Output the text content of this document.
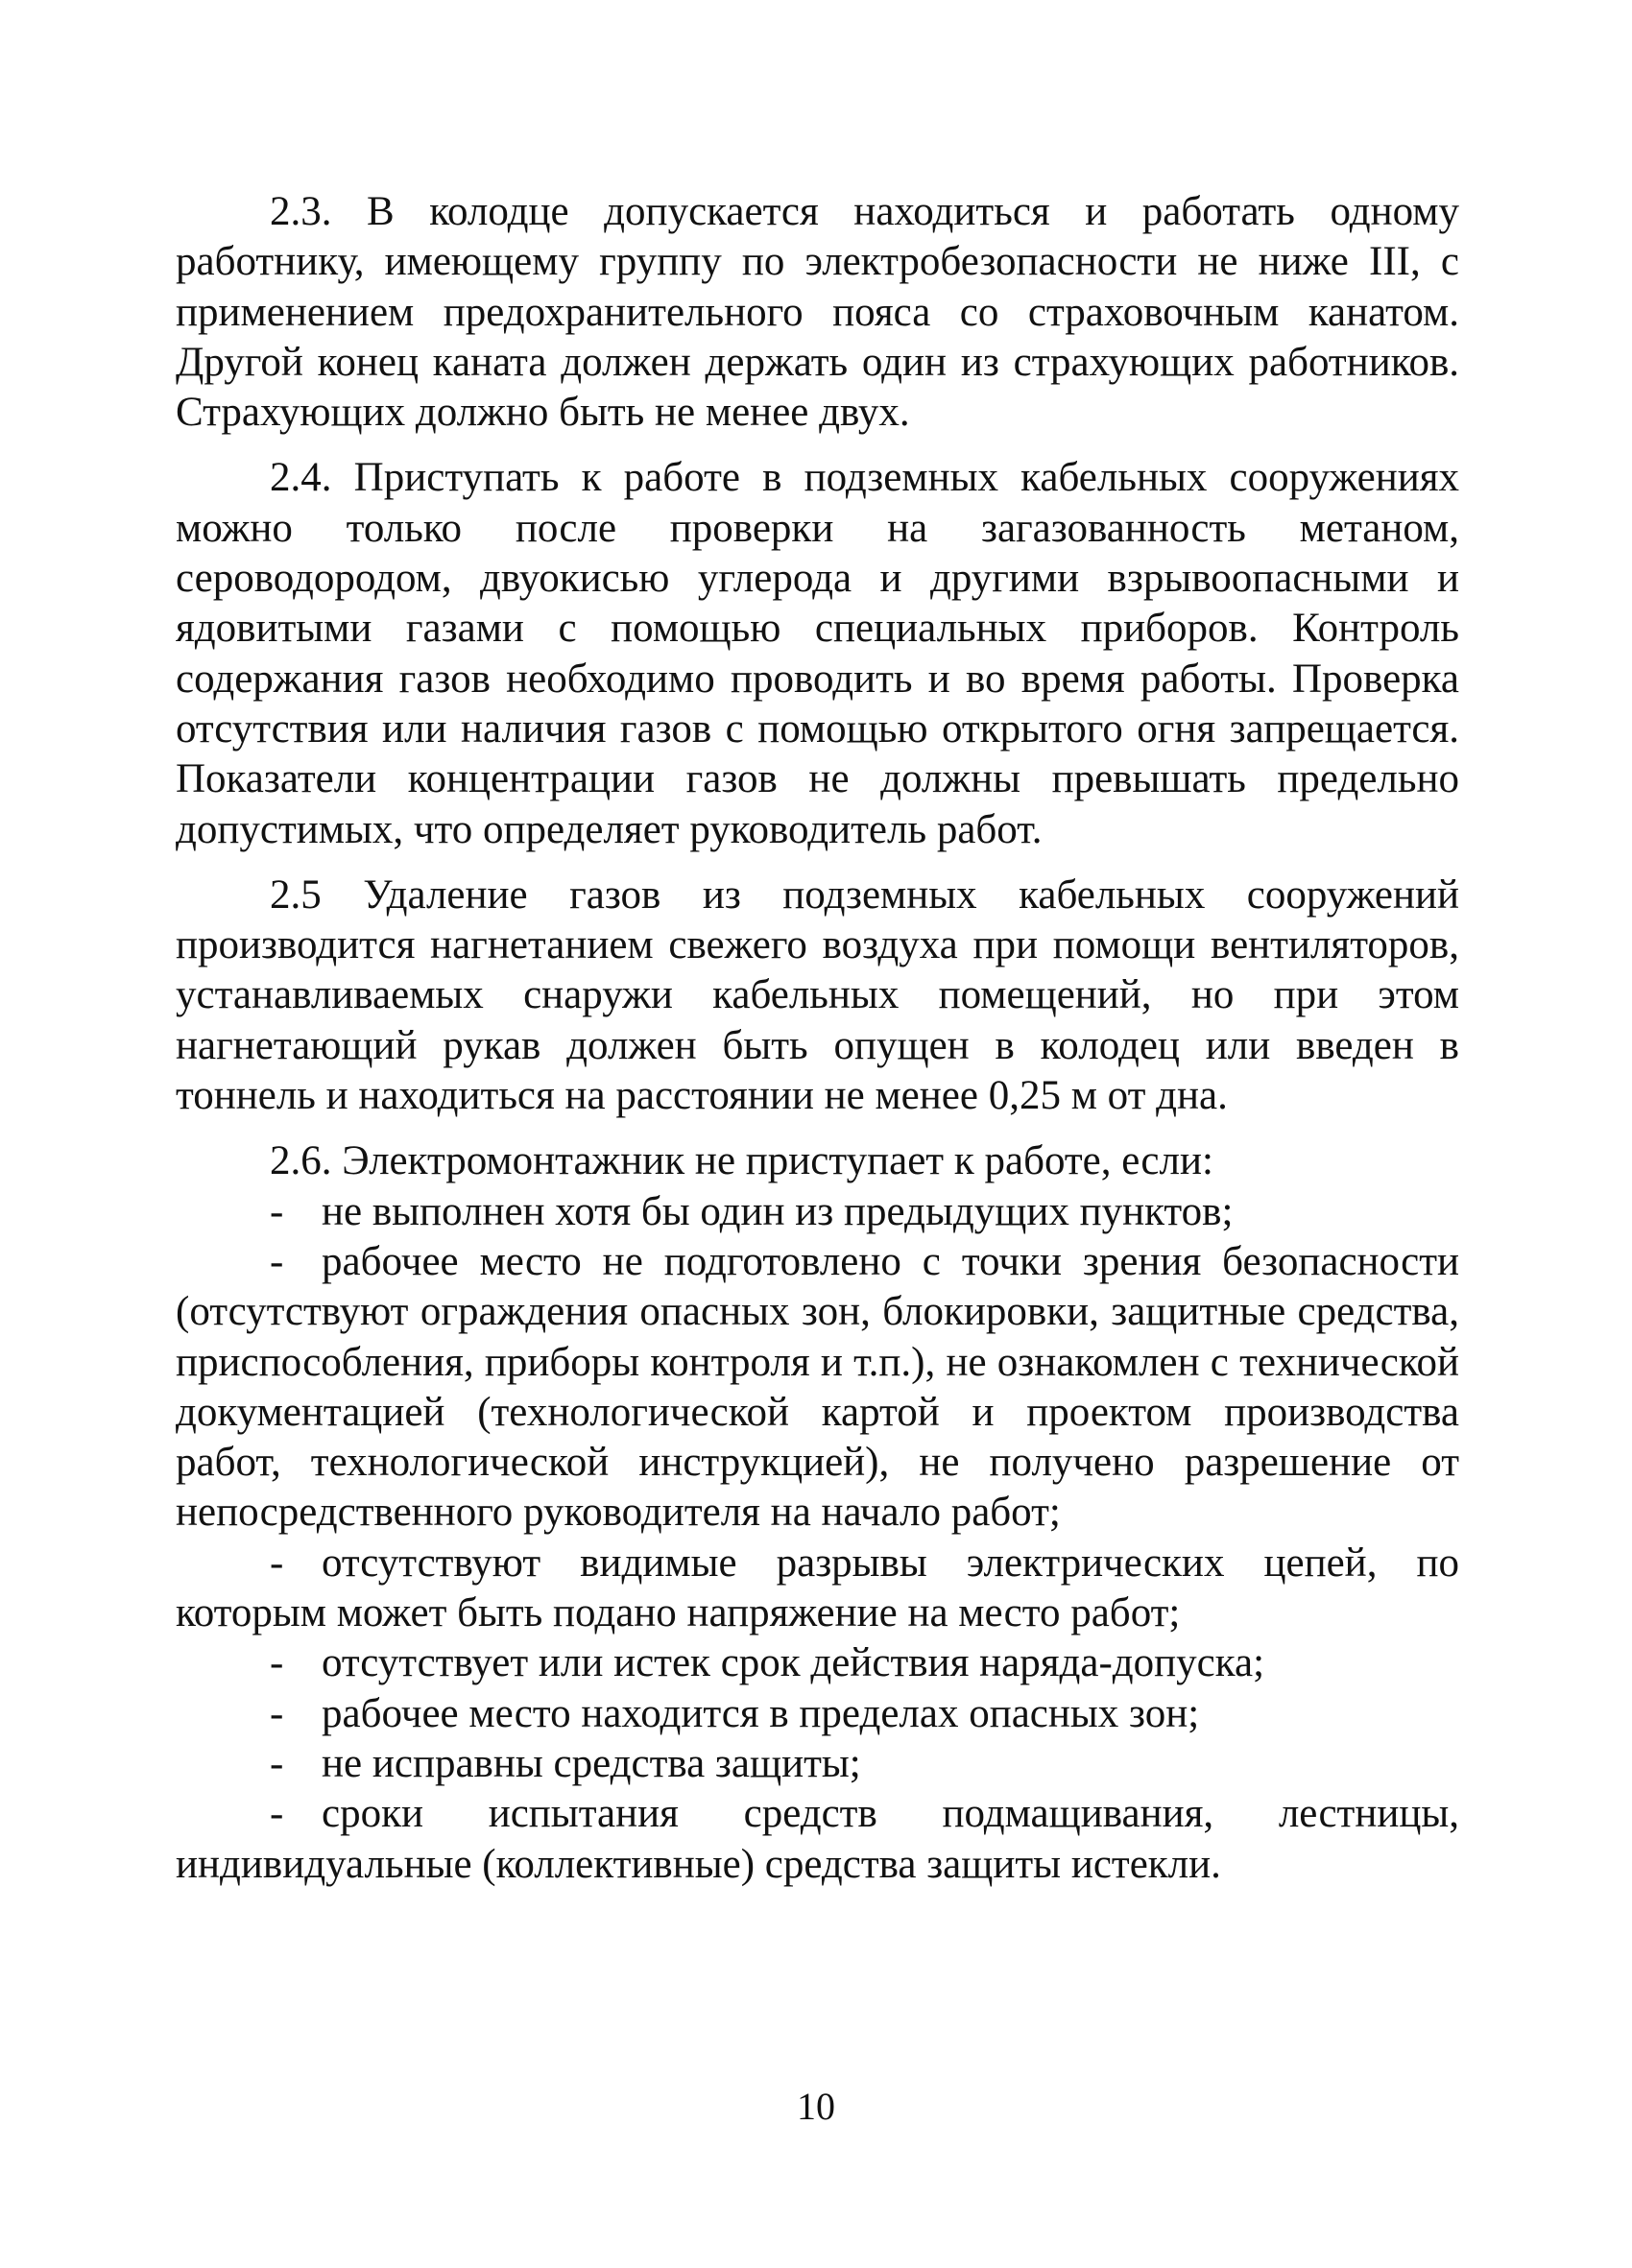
2.3. В колодце допускается находиться и работать одному работнику, имеющему группу по электробезопасности не ниже III, с применением предохранительного пояса со страховочным канатом. Другой конец каната должен держать один из страхующих работников. Страхующих должно быть не менее двух.

2.4. Приступать к работе в подземных кабельных сооружениях можно только после проверки на загазованность метаном, сероводородом, двуокисью углерода и другими взрывоопасными и ядовитыми газами с помощью специальных приборов. Контроль содержания газов необходимо проводить и во время работы. Проверка отсутствия или наличия газов с помощью открытого огня запрещается. Показатели концентрации газов не должны превышать предельно допустимых, что определяет руководитель работ.

2.5 Удаление газов из подземных кабельных сооружений производится нагнетанием свежего воздуха при помощи вентиляторов, устанавливаемых снаружи кабельных помещений, но при этом нагнетающий рукав должен быть опущен в колодец или введен в тоннель и находиться на расстоянии не менее 0,25 м от дна.

2.6. Электромонтажник не приступает к работе, если:

- не выполнен хотя бы один из предыдущих пунктов;

- рабочее место не подготовлено с точки зрения безопасности (отсутствуют ограждения опасных зон, блокировки, защитные средства, приспособления, приборы контроля и т.п.), не ознакомлен с технической документацией (технологической картой и проектом производства работ, технологической инструкцией), не получено разрешение от непосредственного руководителя на начало работ;

- отсутствуют видимые разрывы электрических цепей, по которым может быть подано напряжение на место работ;

- отсутствует или истек срок действия наряда-допуска;

- рабочее место находится в пределах опасных зон;

- не исправны средства защиты;

- сроки испытания средств подмащивания, лестницы, индивидуальные (коллективные) средства защиты истекли.

10
